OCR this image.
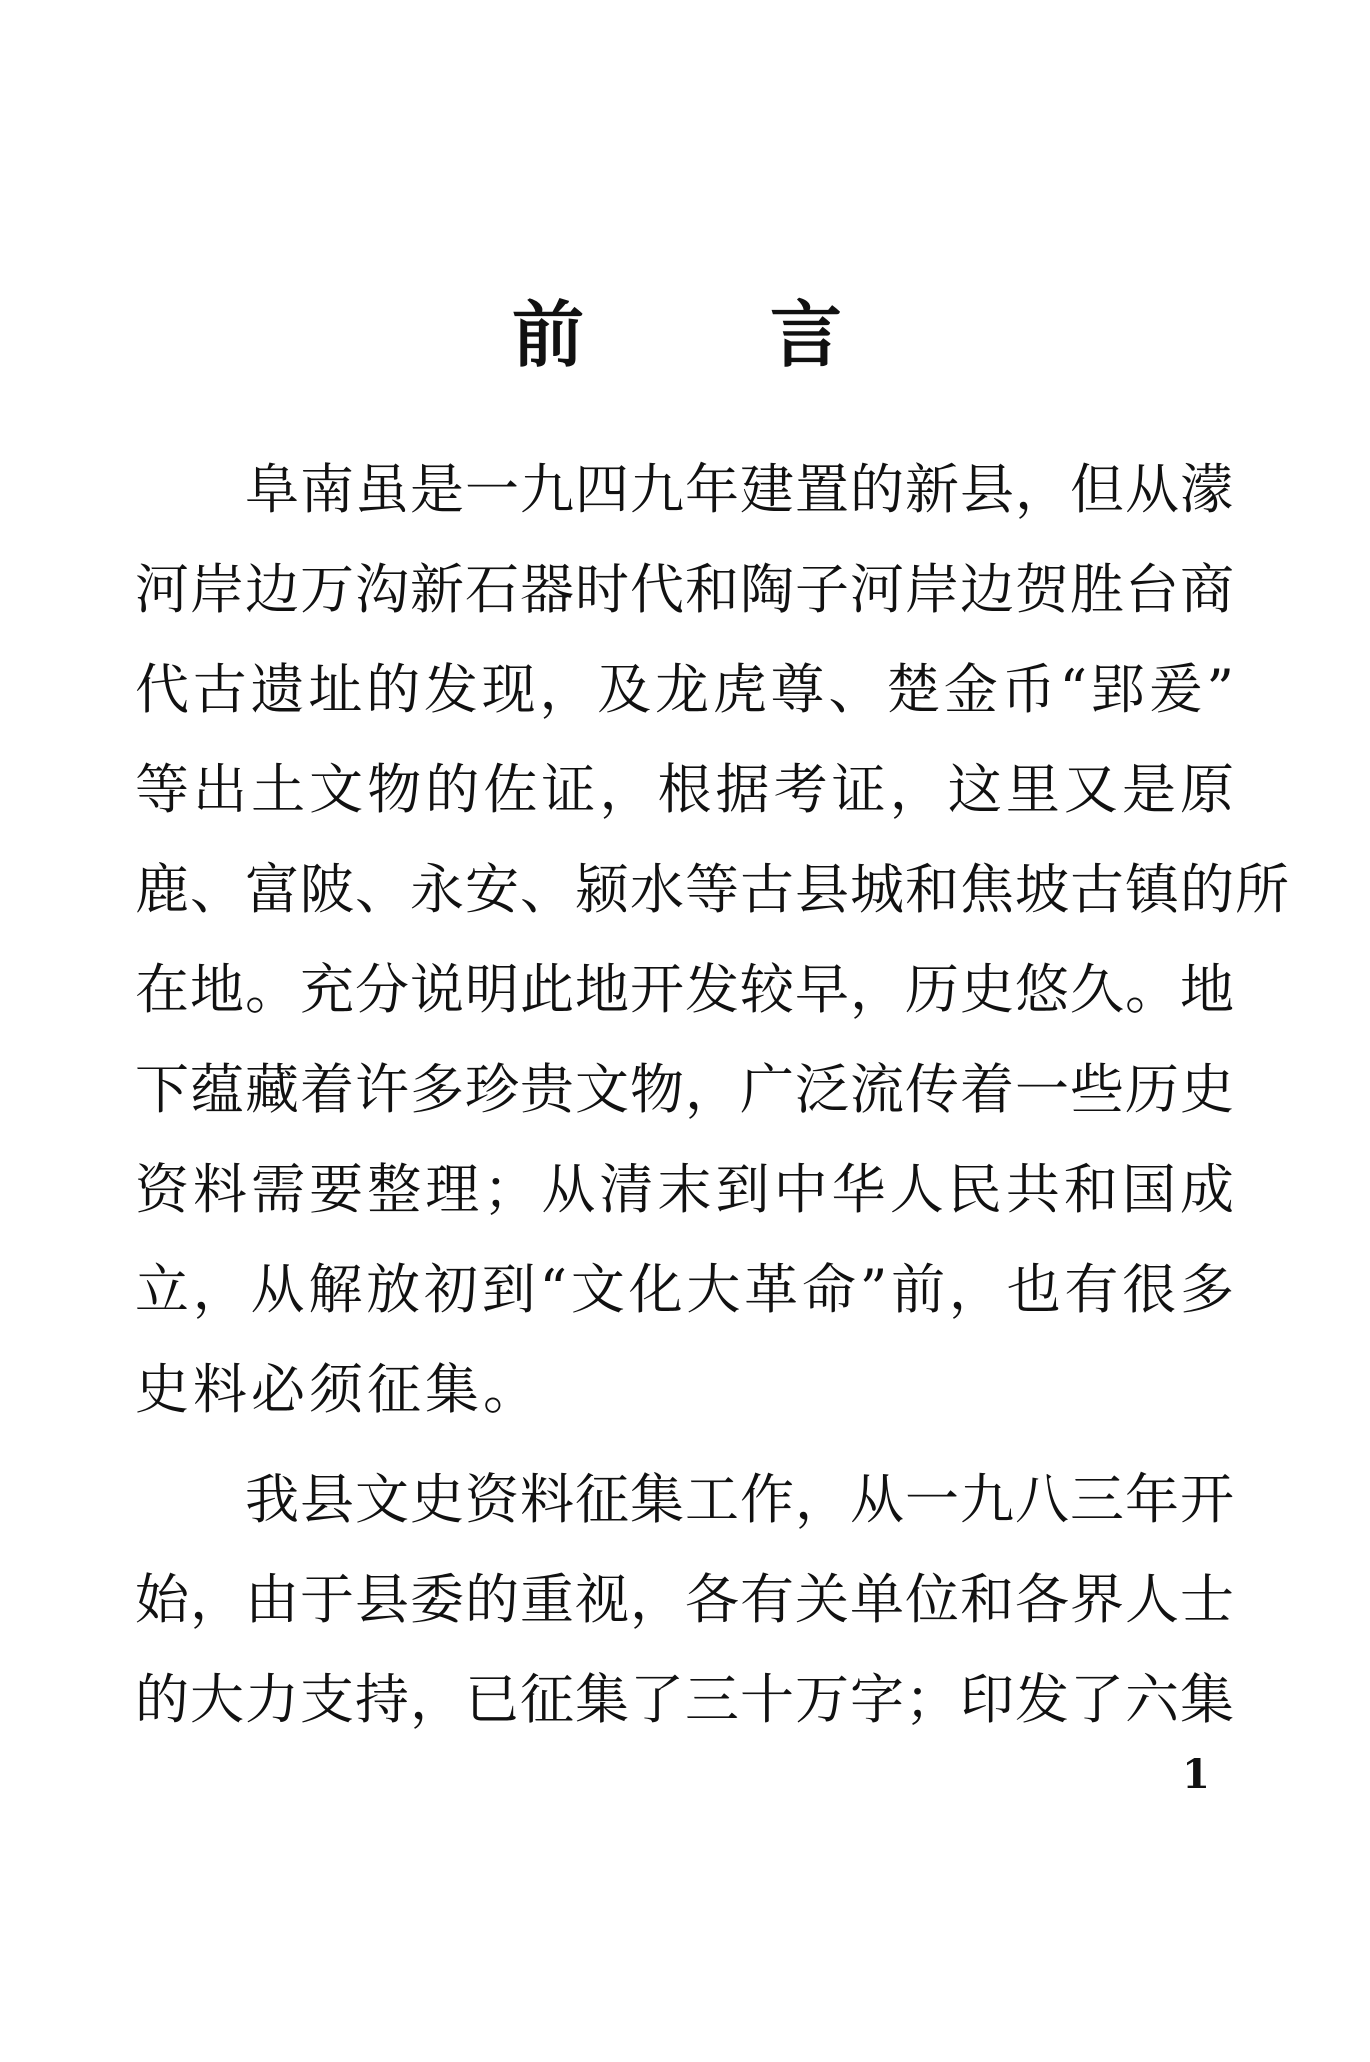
前	言
阜南虽是一九四九年建置的新县，但从濛
河岸边万沟新石器时代和陶子河岸边贺胜台商
代古遗址的发现，及龙虎尊、楚金币“郢爰”
等出土文物的佐证，根据考证，这里又是原
鹿、富陂、永安、颍水等古县城和焦坡古镇的所
在地。充分说明此地开发较早，历史悠久。地
下蕴藏着许多珍贵文物，广泛流传着一些历史
资料需要整理；从清末到中华人民共和国成
立，从解放初到“文化大革命”前，也有很多
史料必须征集。
我县文史资料征集工作，从一九八三年开
始，由于县委的重视，各有关单位和各界人士
的大力支持，已征集了三十万字；印发了六集
1
